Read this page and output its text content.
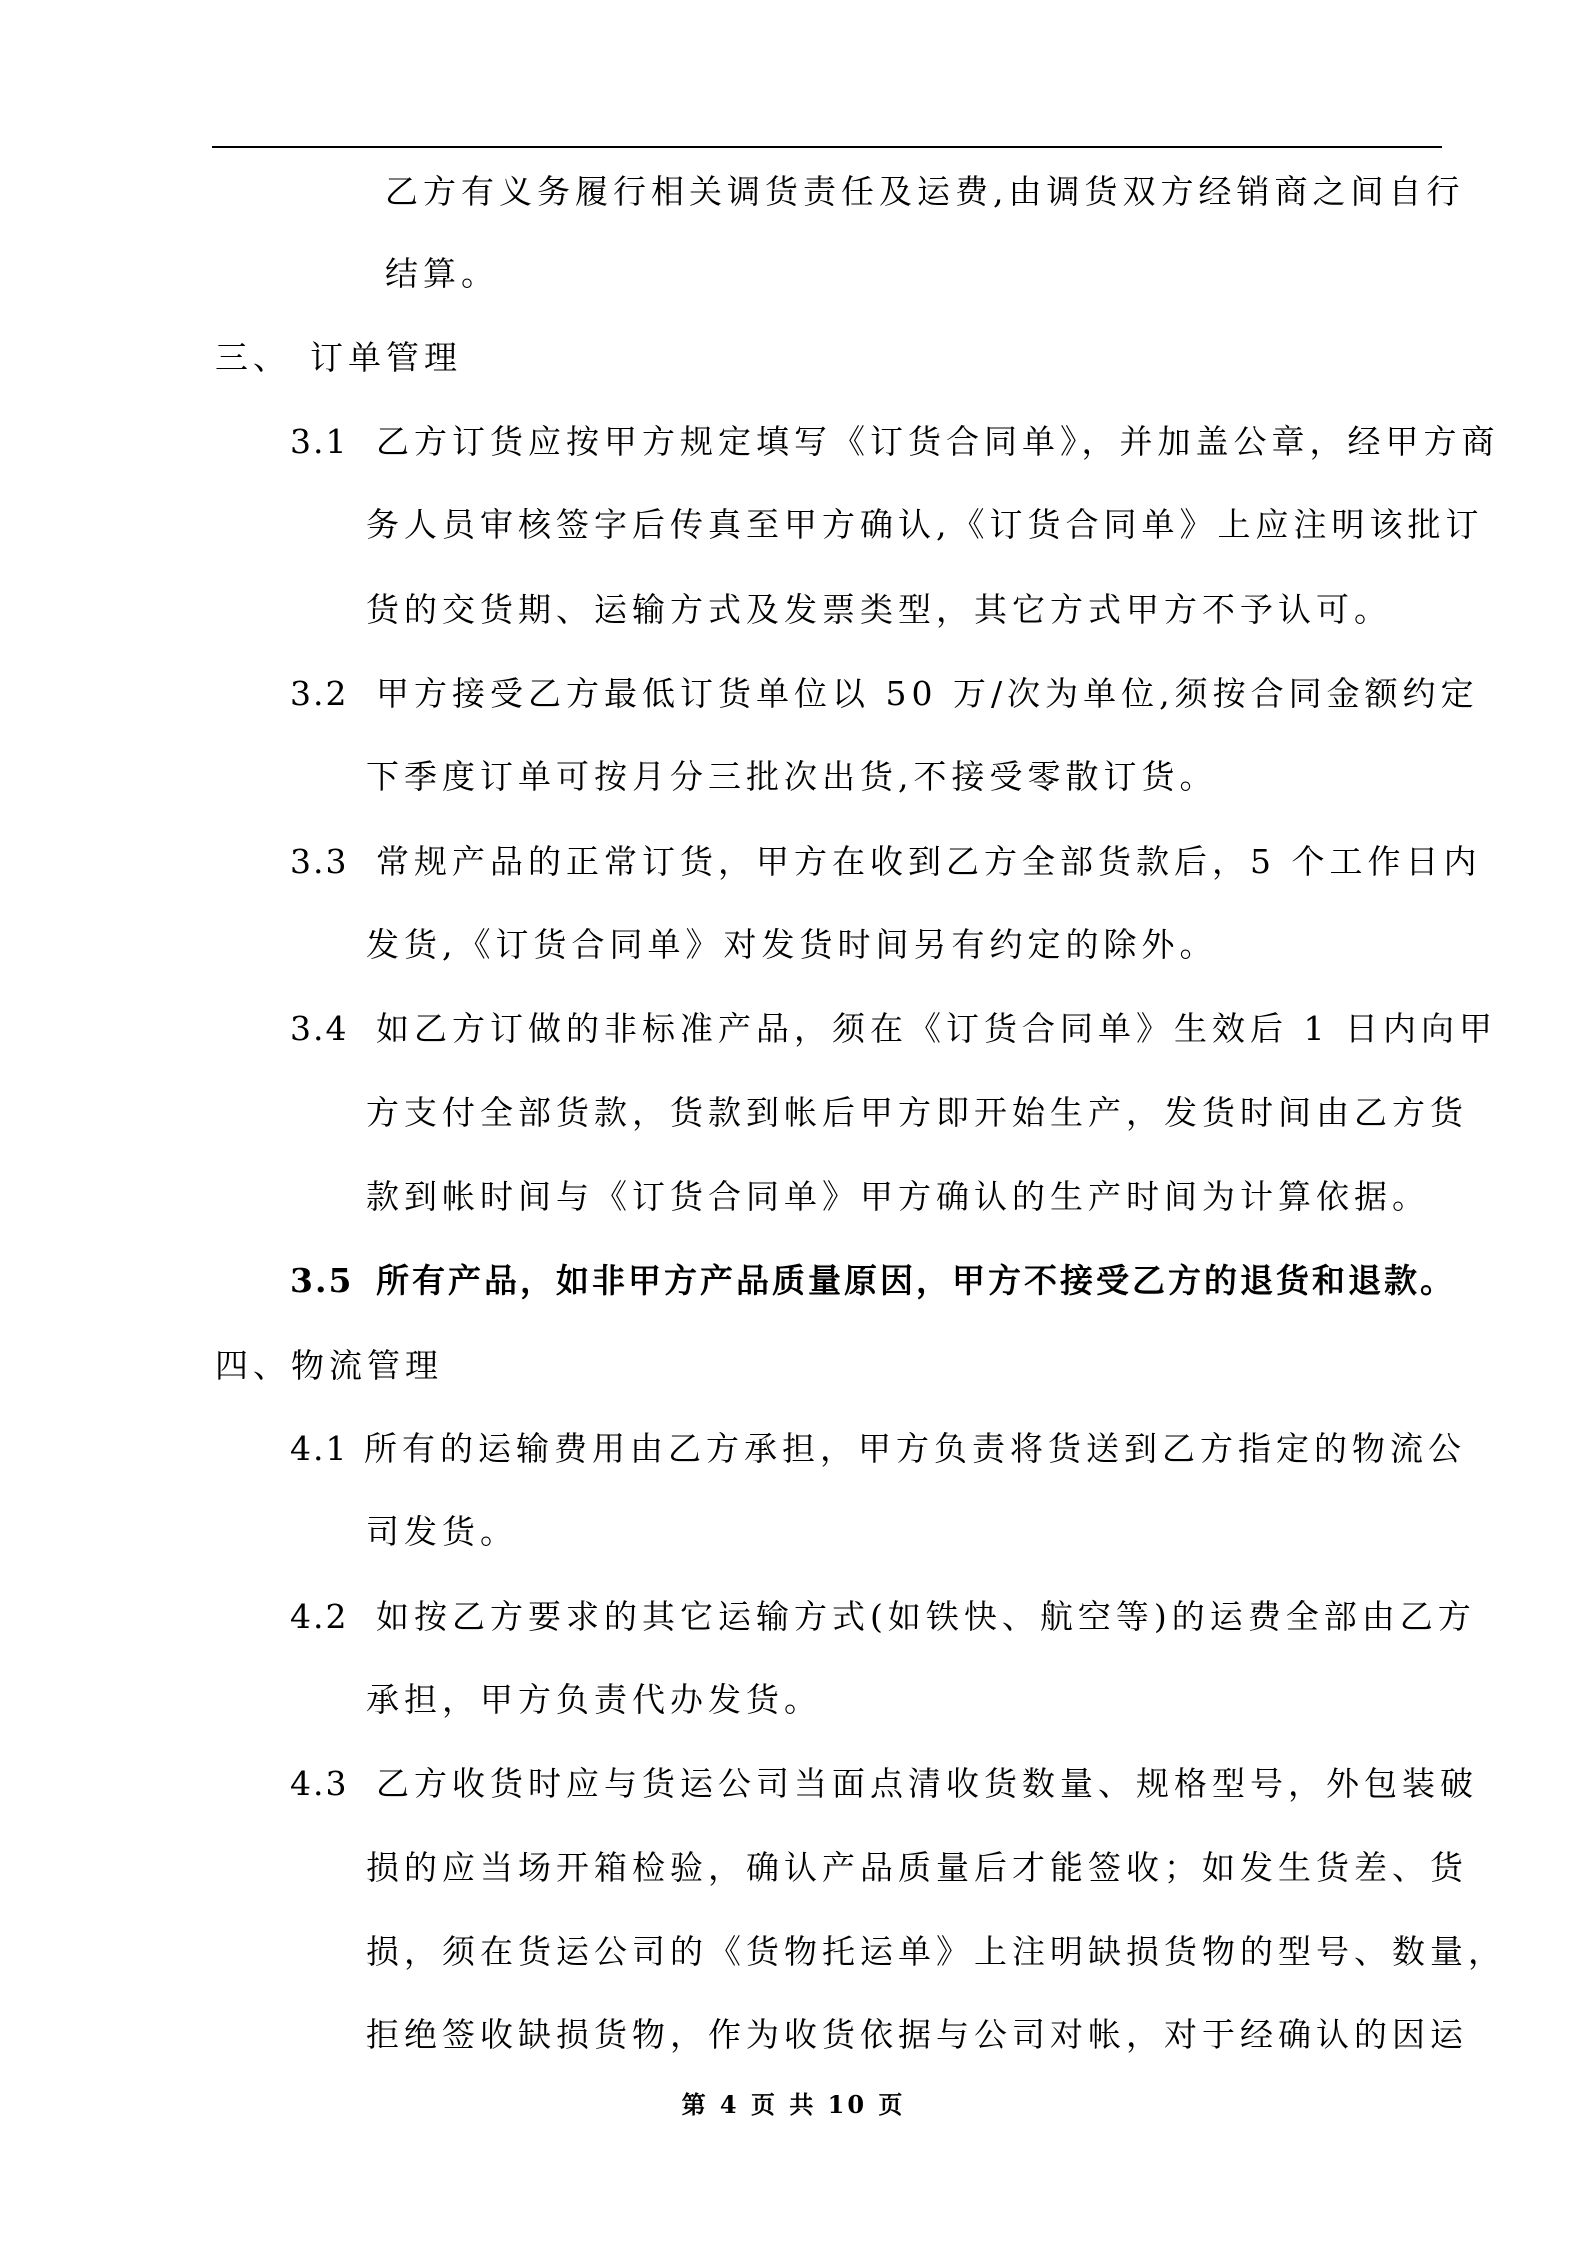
乙方有义务履行相关调货责任及运费,由调货双方经销商之间自行
结算。
三、 订单管理
3.1 乙方订货应按甲方规定填写《订货合同单》，并加盖公章，经甲方商
务人员审核签字后传真至甲方确认,《订货合同单》上应注明该批订
货的交货期、运输方式及发票类型，其它方式甲方不予认可。
3.2 甲方接受乙方最低订货单位以 50 万/次为单位,须按合同金额约定
下季度订单可按月分三批次出货,不接受零散订货。
3.3 常规产品的正常订货，甲方在收到乙方全部货款后，5 个工作日内
发货,《订货合同单》对发货时间另有约定的除外。
3.4 如乙方订做的非标准产品，须在《订货合同单》生效后 1 日内向甲
方支付全部货款，货款到帐后甲方即开始生产，发货时间由乙方货
款到帐时间与《订货合同单》甲方确认的生产时间为计算依据。
3.5 所有产品，如非甲方产品质量原因，甲方不接受乙方的退货和退款。
四、物流管理
4.1 所有的运输费用由乙方承担，甲方负责将货送到乙方指定的物流公
司发货。
4.2 如按乙方要求的其它运输方式(如铁快、航空等)的运费全部由乙方
承担，甲方负责代办发货。
4.3 乙方收货时应与货运公司当面点清收货数量、规格型号，外包装破
损的应当场开箱检验，确认产品质量后才能签收；如发生货差、货
损，须在货运公司的《货物托运单》上注明缺损货物的型号、数量，
拒绝签收缺损货物，作为收货依据与公司对帐，对于经确认的因运
第 4 页 共 10 页
